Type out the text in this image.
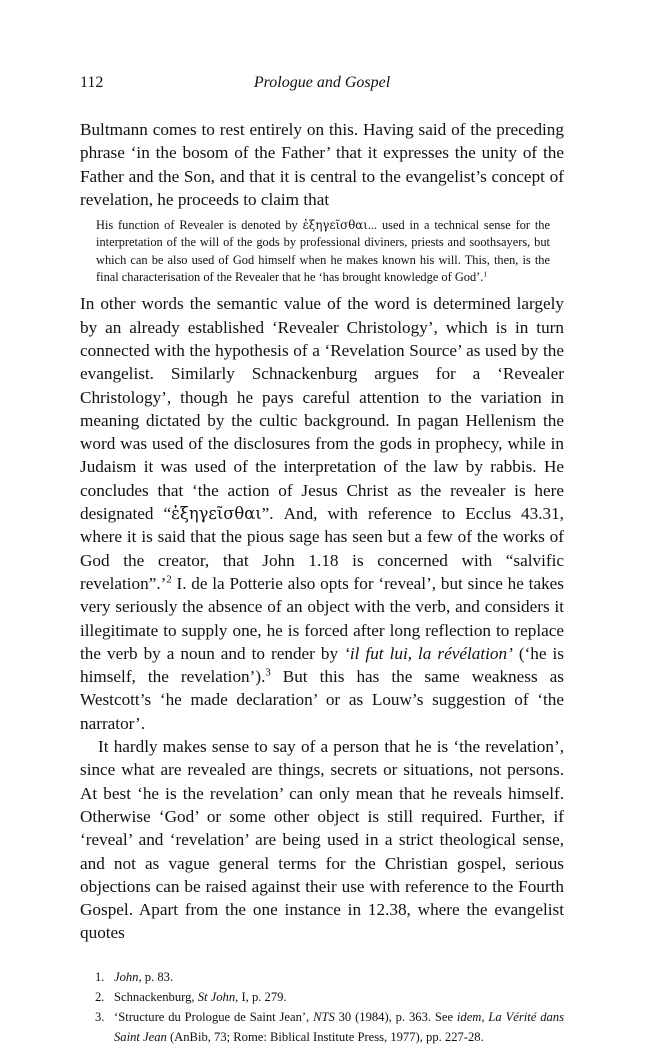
112	Prologue and Gospel

Bultmann comes to rest entirely on this. Having said of the preceding phrase ‘in the bosom of the Father’ that it expresses the unity of the Father and the Son, and that it is central to the evangelist’s concept of revelation, he proceeds to claim that

His function of Revealer is denoted by ἐξηγεῖσθαι... used in a technical sense for the interpretation of the will of the gods by professional diviners, priests and soothsayers, but which can be also used of God himself when he makes known his will. This, then, is the final characterisation of the Revealer that he ‘has brought knowledge of God’.$^1$

In other words the semantic value of the word is determined largely by an already established ‘Revealer Christology’, which is in turn connected with the hypothesis of a ‘Revelation Source’ as used by the evangelist. Similarly Schnackenburg argues for a ‘Revealer Christology’, though he pays careful attention to the variation in meaning dictated by the cultic background. In pagan Hellenism the word was used of the disclosures from the gods in prophecy, while in Judaism it was used of the interpretation of the law by rabbis. He concludes that ‘the action of Jesus Christ as the revealer is here designated “ἐξηγεῖσθαι”. And, with reference to Ecclus 43.31, where it is said that the pious sage has seen but a few of the works of God the creator, that John 1.18 is concerned with “salvific revelation”.’$^2$ I. de la Potterie also opts for ‘reveal’, but since he takes very seriously the absence of an object with the verb, and considers it illegitimate to supply one, he is forced after long reflection to replace the verb by a noun and to render by ‘il fut lui, la révélation’ (‘he is himself, the revelation’).$^3$ But this has the same weakness as Westcott’s ‘he made declaration’ or as Louw’s suggestion of ‘the narrator’.

It hardly makes sense to say of a person that he is ‘the revelation’, since what are revealed are things, secrets or situations, not persons. At best ‘he is the revelation’ can only mean that he reveals himself. Otherwise ‘God’ or some other object is still required. Further, if ‘reveal’ and ‘revelation’ are being used in a strict theological sense, and not as vague general terms for the Christian gospel, serious objections can be raised against their use with reference to the Fourth Gospel. Apart from the one instance in 12.38, where the evangelist quotes

1. John, p. 83.
2. Schnackenburg, St John, I, p. 279.
3. ‘Structure du Prologue de Saint Jean’, NTS 30 (1984), p. 363. See idem, La Vérité dans Saint Jean (AnBib, 73; Rome: Biblical Institute Press, 1977), pp. 227-28.
